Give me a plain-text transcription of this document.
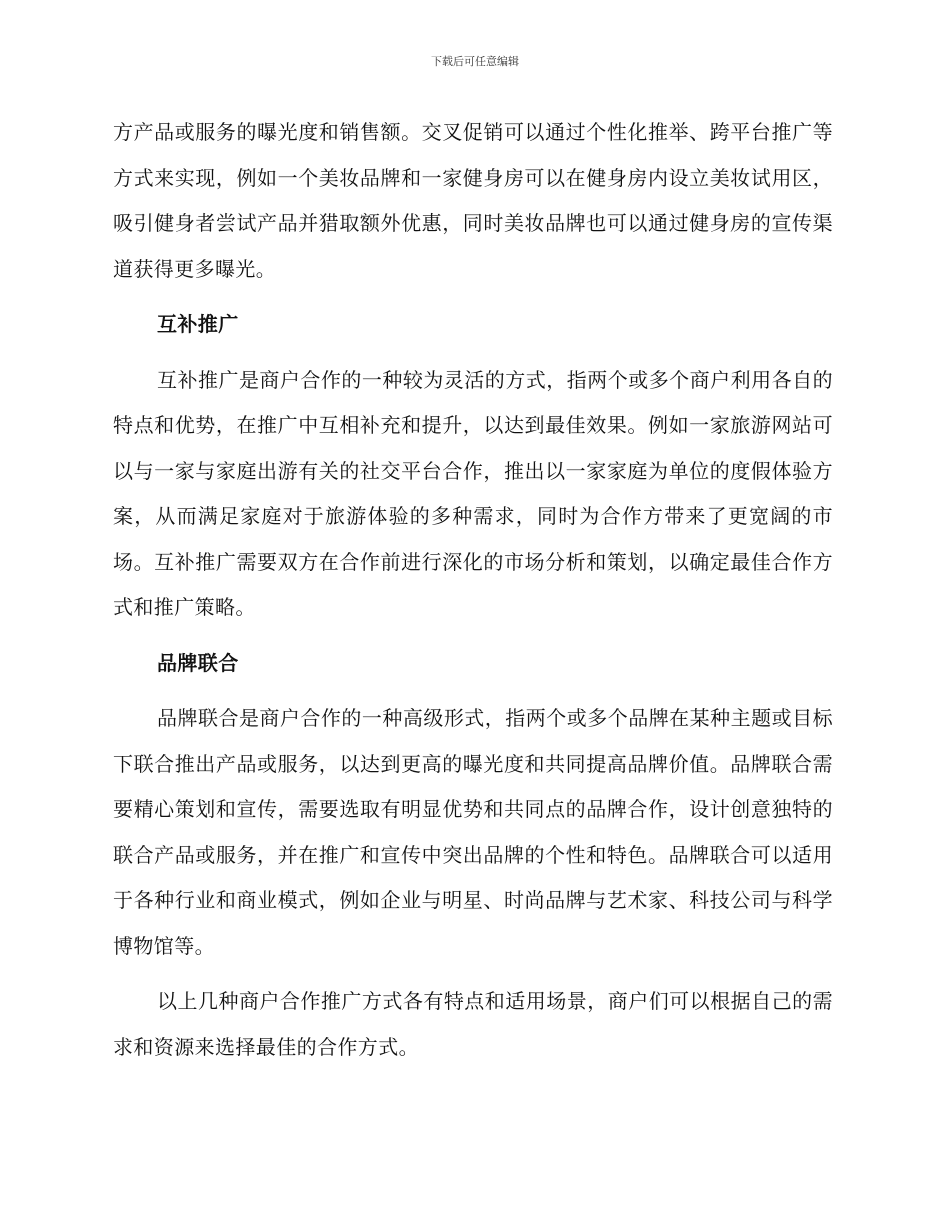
下载后可任意编辑

方产品或服务的曝光度和销售额。交叉促销可以通过个性化推举、跨平台推广等方式来实现，例如一个美妆品牌和一家健身房可以在健身房内设立美妆试用区，吸引健身者尝试产品并猎取额外优惠，同时美妆品牌也可以通过健身房的宣传渠道获得更多曝光。

互补推广

互补推广是商户合作的一种较为灵活的方式，指两个或多个商户利用各自的特点和优势，在推广中互相补充和提升，以达到最佳效果。例如一家旅游网站可以与一家与家庭出游有关的社交平台合作，推出以一家家庭为单位的度假体验方案，从而满足家庭对于旅游体验的多种需求，同时为合作方带来了更宽阔的市场。互补推广需要双方在合作前进行深化的市场分析和策划，以确定最佳合作方式和推广策略。

品牌联合

品牌联合是商户合作的一种高级形式，指两个或多个品牌在某种主题或目标下联合推出产品或服务，以达到更高的曝光度和共同提高品牌价值。品牌联合需要精心策划和宣传，需要选取有明显优势和共同点的品牌合作，设计创意独特的联合产品或服务，并在推广和宣传中突出品牌的个性和特色。品牌联合可以适用于各种行业和商业模式，例如企业与明星、时尚品牌与艺术家、科技公司与科学博物馆等。

以上几种商户合作推广方式各有特点和适用场景，商户们可以根据自己的需求和资源来选择最佳的合作方式。
